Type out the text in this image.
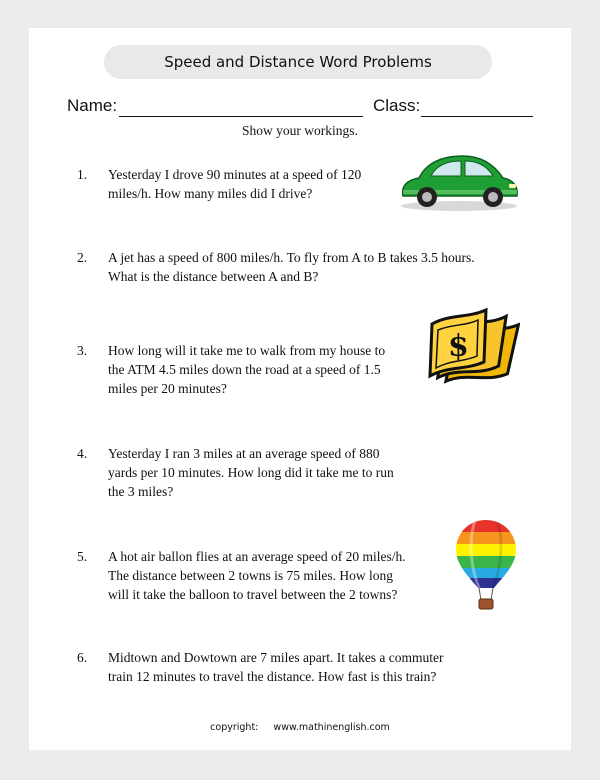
Speed and Distance Word Problems
Name:	Class:
Show your workings.
1. Yesterday I drove 90 minutes at a speed of 120
miles/h. How many miles did I drive?
2. A jet has a speed of 800 miles/h. To fly from A to B takes 3.5 hours.
What is the distance between A and B?
3. How long will it take me to walk from my house to
the ATM 4.5 miles down the road at a speed of 1.5
miles per 20 minutes?
4. Yesterday I ran 3 miles at an average speed of 880
yards per 10 minutes. How long did it take me to run
the 3 miles?
5. A hot air ballon flies at an average speed of 20 miles/h.
The distance between 2 towns is 75 miles. How long
will it take the balloon to travel between the 2 towns?
6. Midtown and Dowtown are 7 miles apart. It takes a commuter
train 12 minutes to travel the distance. How fast is this train?
$
copyright: www.mathinenglish.com
